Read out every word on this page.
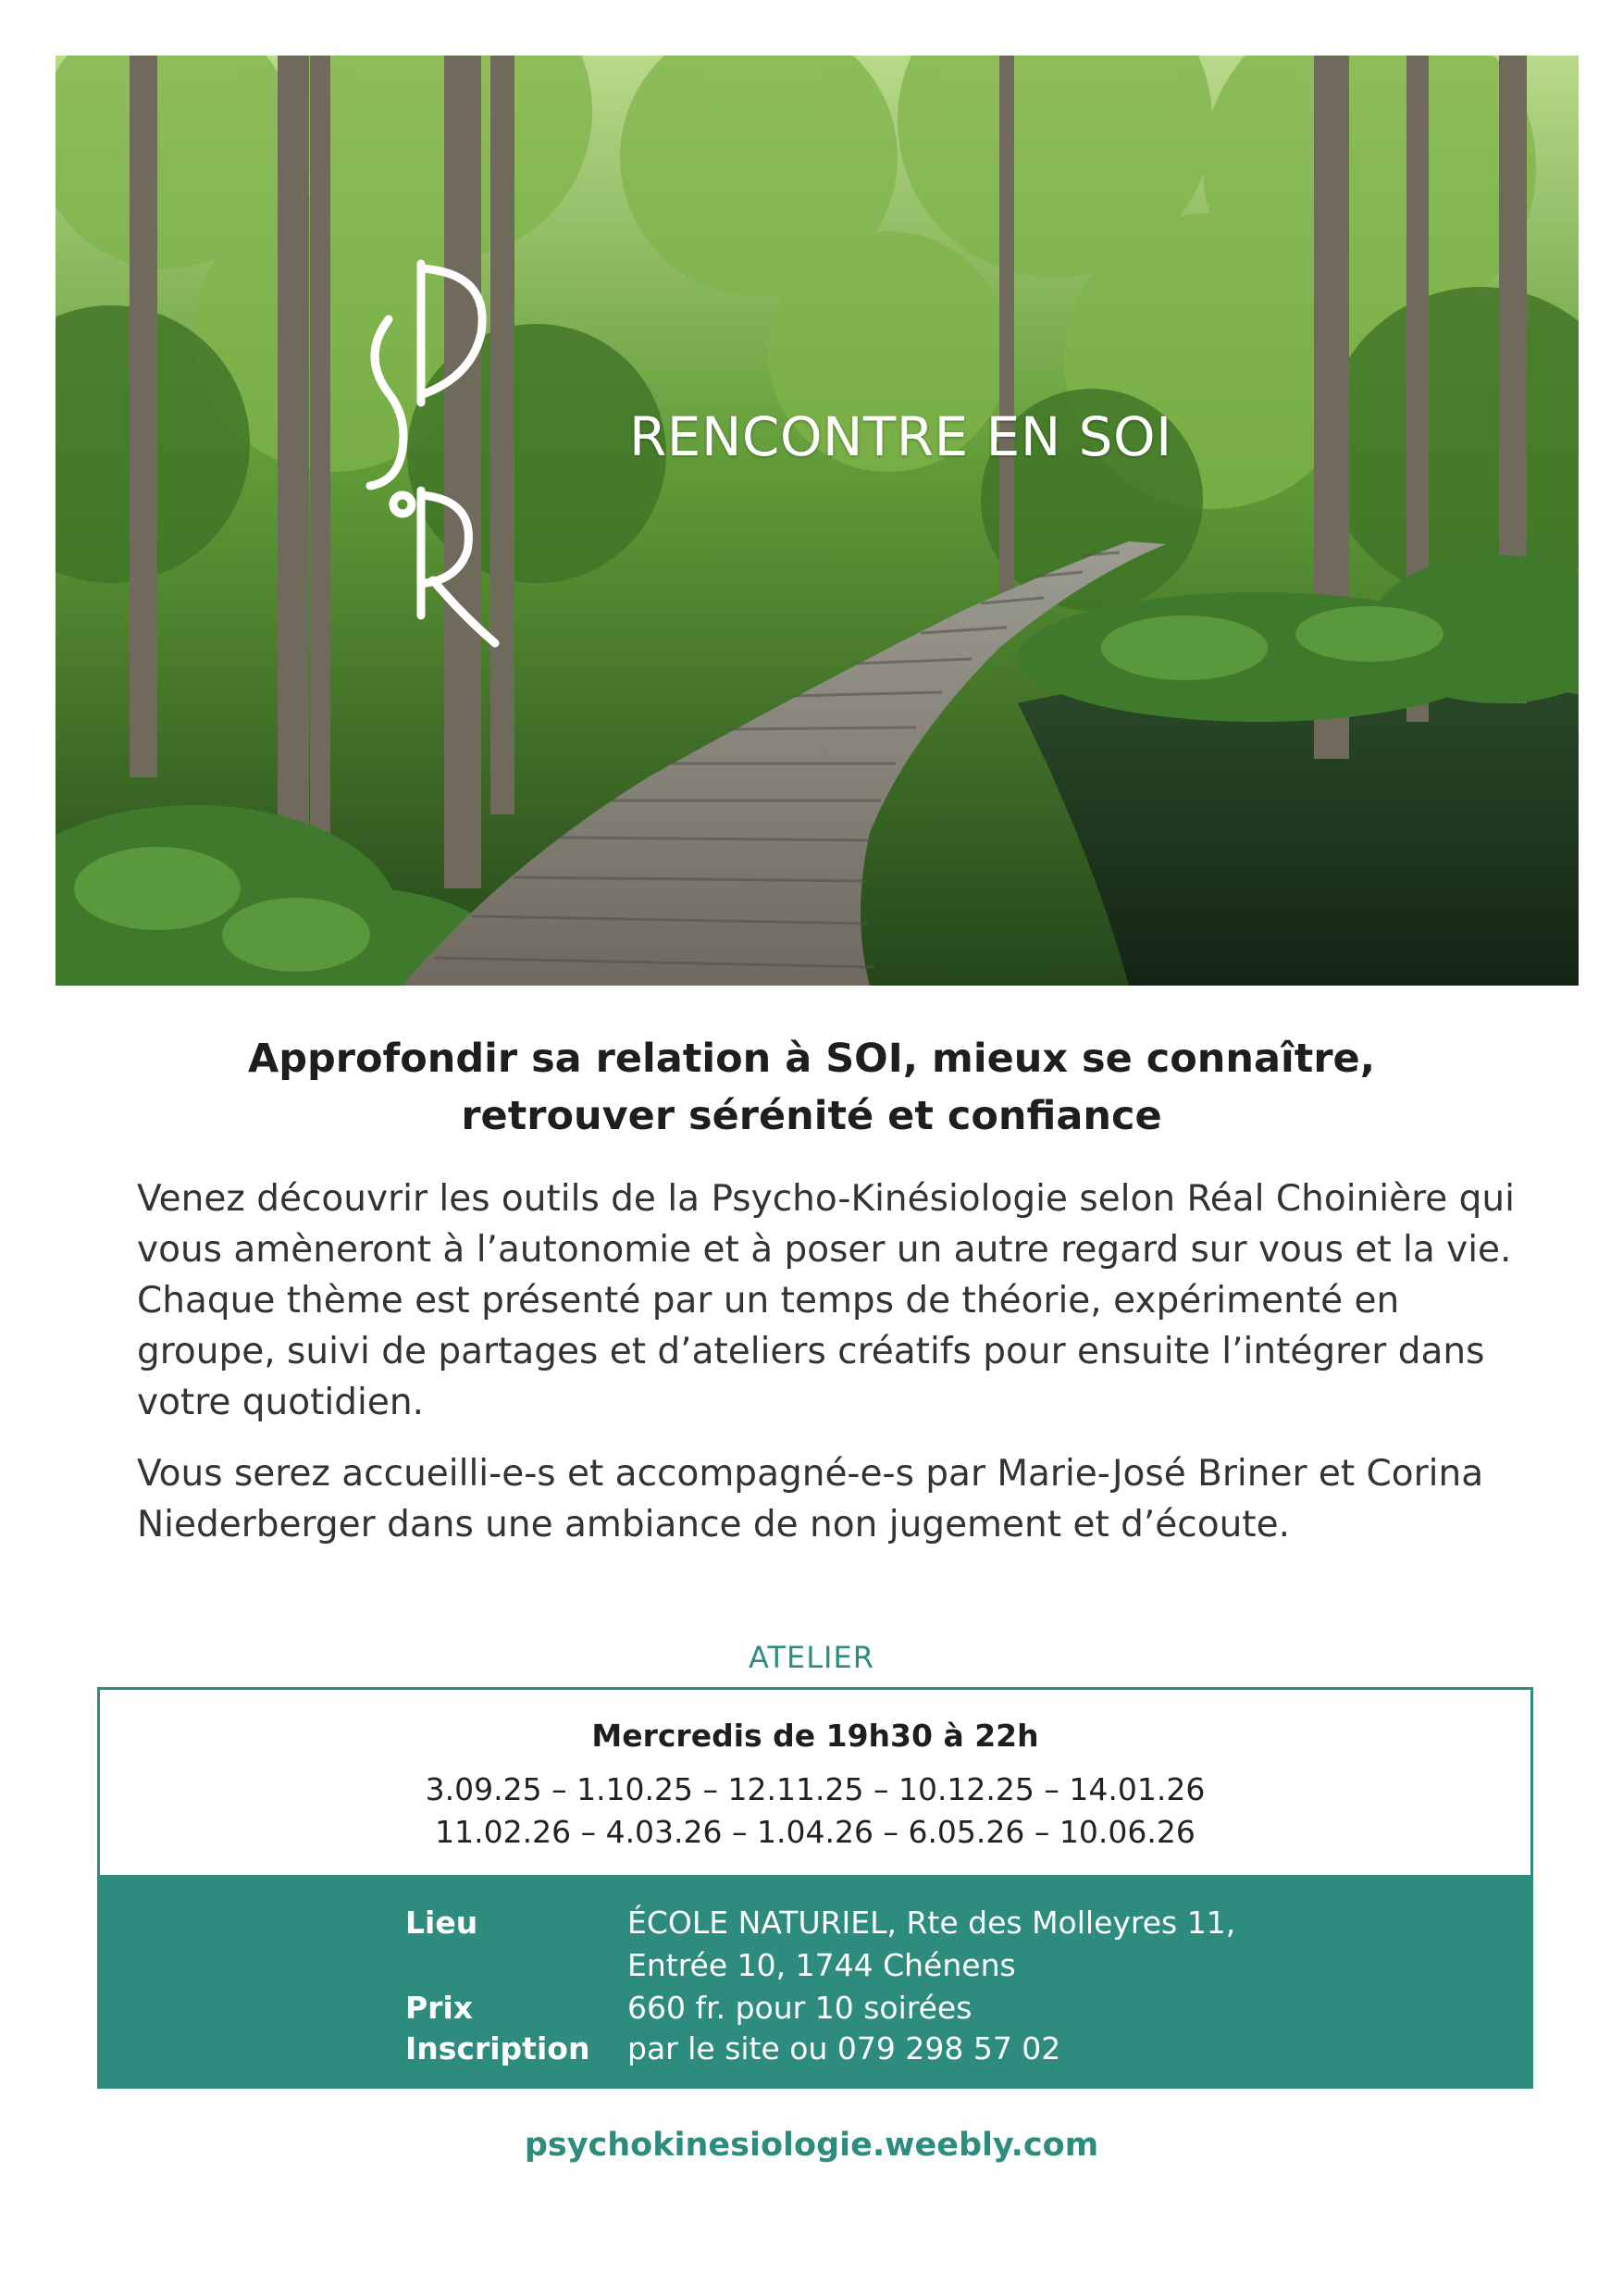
RENCONTRE EN SOI
Approfondir sa relation à SOI, mieux se connaître,
retrouver sérénité et confiance

Venez découvrir les outils de la Psycho-Kinésiologie selon Réal Choinière qui vous amèneront à l’autonomie et à poser un autre regard sur vous et la vie. Chaque thème est présenté par un temps de théorie, expérimenté en groupe, suivi de partages et d’ateliers créatifs pour ensuite l’intégrer dans votre quotidien.

Vous serez accueilli-e-s et accompagné-e-s par Marie-José Briner et Corina Niederberger dans une ambiance de non jugement et d’écoute.

ATELIER
Mercredis de 19h30 à 22h
3.09.25 – 1.10.25 – 12.11.25 – 10.12.25 – 14.01.26
11.02.26 – 4.03.26 – 1.04.26 – 6.05.26 – 10.06.26
Lieu	ÉCOLE NATURIEL, Rte des Molleyres 11,
Entrée 10, 1744 Chénens
Prix	660 fr. pour 10 soirées
Inscription par le site ou 079 298 57 02
psychokinesiologie.weebly.com
